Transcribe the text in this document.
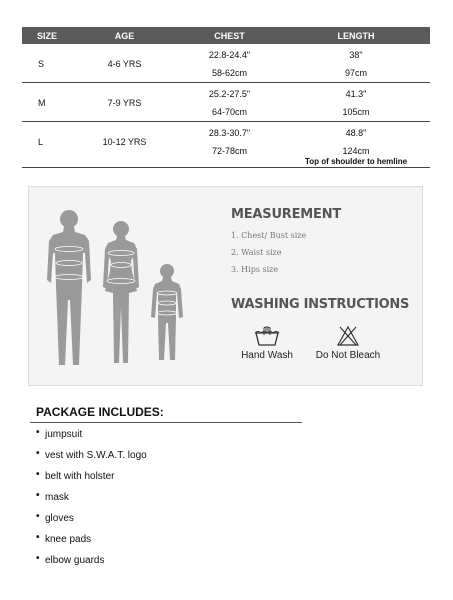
SIZE	AGE	CHEST	LENGTH
S	4-6 YRS	22.8-24.4"	38"
		58-62cm	97cm
M	7-9 YRS	25.2-27.5"	41.3"
		64-70cm	105cm
L	10-12 YRS	28.3-30.7"	48.8"
		72-78cm	124cm
Top of shoulder to hemline
MEASUREMENT
1. Chest/ Bust size
2. Waist size
3. Hips size
WASHING INSTRUCTIONS
Hand Wash	Do Not Bleach
PACKAGE INCLUDES:
• jumpsuit
• vest with S.W.A.T. logo
• belt with holster
• mask
• gloves
• knee pads
• elbow guards
